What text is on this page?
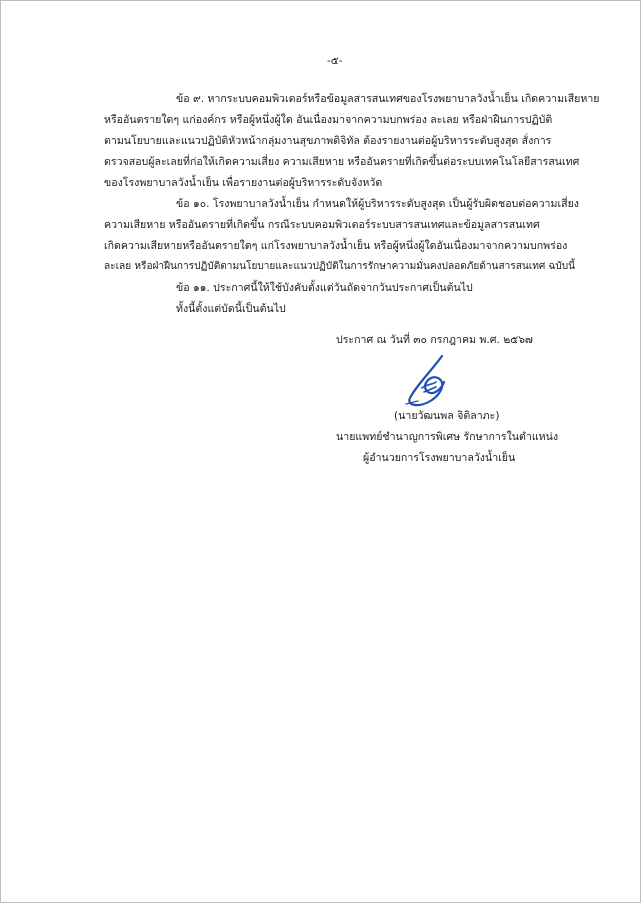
-๕-
ข้อ ๙. หากระบบคอมพิวเตอร์หรือข้อมูลสารสนเทศของโรงพยาบาลวังน้ำเย็น เกิดความเสียหาย
หรืออันตรายใดๆ แก่องค์กร หรือผู้หนึ่งผู้ใด อันเนื่องมาจากความบกพร่อง ละเลย หรือฝ่าฝืนการปฏิบัติ
ตามนโยบายและแนวปฏิบัติหัวหน้ากลุ่มงานสุขภาพดิจิทัล ต้องรายงานต่อผู้บริหารระดับสูงสุด สั่งการ
ตรวจสอบผู้ละเลยที่ก่อให้เกิดความเสี่ยง ความเสียหาย หรืออันตรายที่เกิดขึ้นต่อระบบเทคโนโลยีสารสนเทศ
ของโรงพยาบาลวังน้ำเย็น เพื่อรายงานต่อผู้บริหารระดับจังหวัด
ข้อ ๑๐. โรงพยาบาลวังน้ำเย็น กำหนดให้ผู้บริหารระดับสูงสุด เป็นผู้รับผิดชอบต่อความเสี่ยง
ความเสียหาย หรืออันตรายที่เกิดขึ้น กรณีระบบคอมพิวเตอร์ระบบสารสนเทศและข้อมูลสารสนเทศ
เกิดความเสียหายหรืออันตรายใดๆ แก่โรงพยาบาลวังน้ำเย็น หรือผู้หนึ่งผู้ใดอันเนื่องมาจากความบกพร่อง
ละเลย หรือฝ่าฝืนการปฏิบัติตามนโยบายและแนวปฏิบัติในการรักษาความมั่นคงปลอดภัยด้านสารสนเทศ ฉบับนี้
ข้อ ๑๑. ประกาศนี้ให้ใช้บังคับตั้งแต่วันถัดจากวันประกาศเป็นต้นไป
ทั้งนี้ตั้งแต่บัดนี้เป็นต้นไป
ประกาศ ณ วันที่ ๓๐ กรกฎาคม พ.ศ. ๒๕๖๗
(นายวัฒนพล จิติลาภะ)
นายแพทย์ชำนาญการพิเศษ รักษาการในตำแหน่ง
ผู้อำนวยการโรงพยาบาลวังน้ำเย็น
